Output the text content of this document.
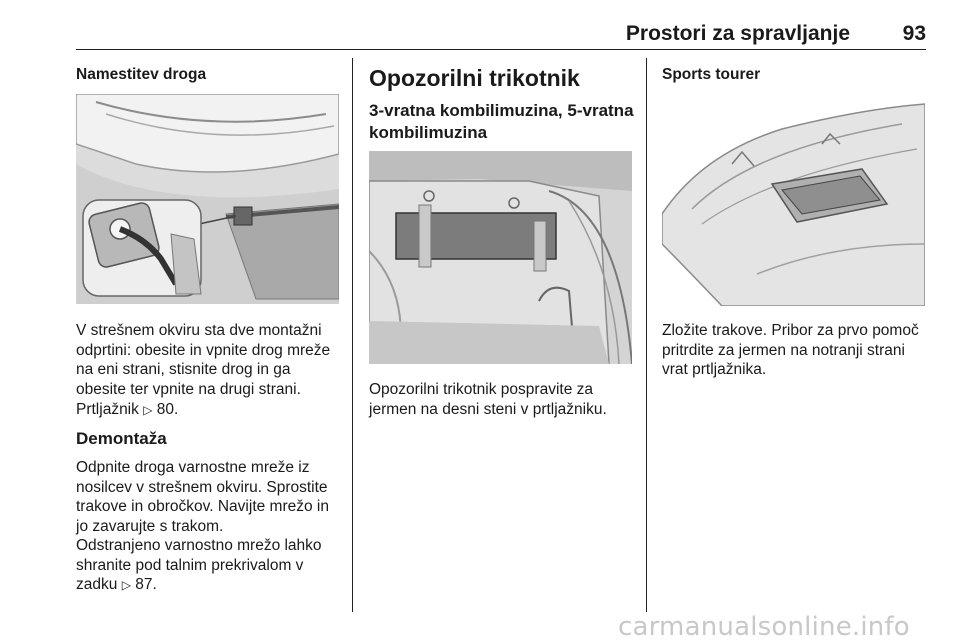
Prostori za spravljanje	93
Namestitev droga
V strešnem okviru sta dve montažni
odprtini: obesite in vpnite drog mreže
na eni strani, stisnite drog in ga
obesite ter vpnite na drugi strani.
Prtljažnik ▷ 80.
Demontaža
Odpnite droga varnostne mreže iz
nosilcev v strešnem okviru. Sprostite
trakove in obročkov. Navijte mrežo in
jo zavarujte s trakom.
Odstranjeno varnostno mrežo lahko
shranite pod talnim prekrivalom v
zadku ▷ 87.
Opozorilni trikotnik
3-vratna kombilimuzina, 5-vratna
kombilimuzina
Opozorilni trikotnik pospravite za
jermen na desni steni v prtljažniku.
Sports tourer
Zložite trakove. Pribor za prvo pomoč
pritrdite za jermen na notranji strani
vrat prtljažnika.
carmanualsonline.info
